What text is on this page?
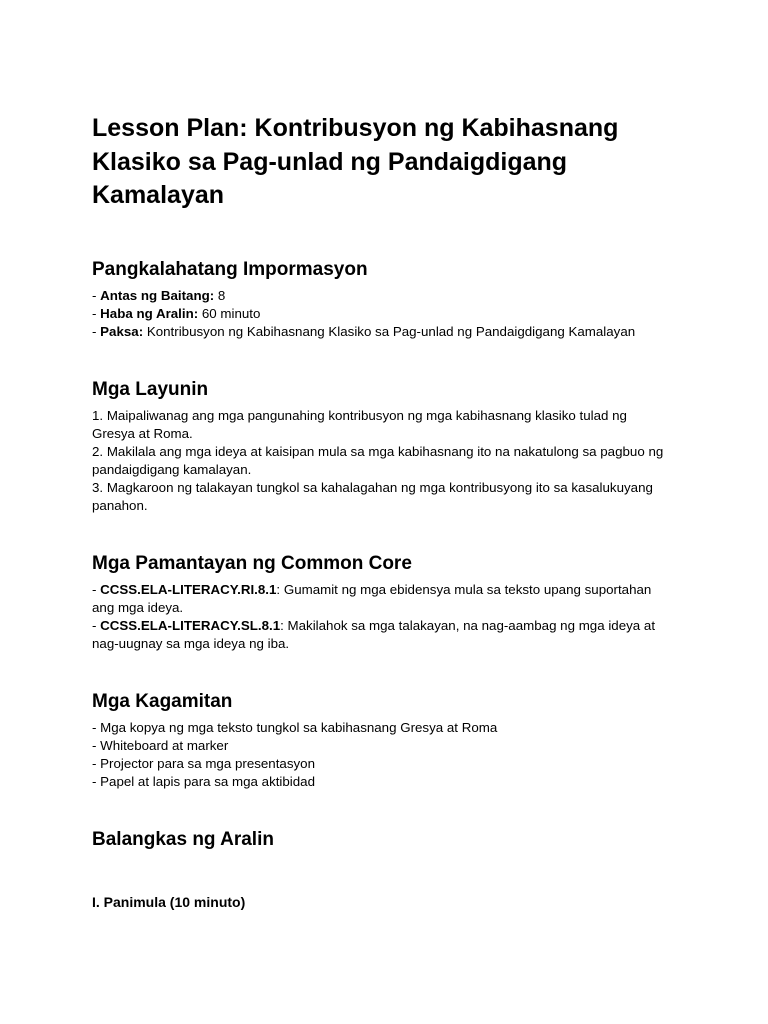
Lesson Plan: Kontribusyon ng Kabihasnang Klasiko sa Pag-unlad ng Pandaigdigang Kamalayan
Pangkalahatang Impormasyon

- Antas ng Baitang: 8

- Haba ng Aralin: 60 minuto

- Paksa: Kontribusyon ng Kabihasnang Klasiko sa Pag-unlad ng Pandaigdigang Kamalayan

Mga Layunin

1. Maipaliwanag ang mga pangunahing kontribusyon ng mga kabihasnang klasiko tulad ng Gresya at Roma.

2. Makilala ang mga ideya at kaisipan mula sa mga kabihasnang ito na nakatulong sa pagbuo ng pandaigdigang kamalayan.

3. Magkaroon ng talakayan tungkol sa kahalagahan ng mga kontribusyong ito sa kasalukuyang panahon.

Mga Pamantayan ng Common Core

- CCSS.ELA-LITERACY.RI.8.1: Gumamit ng mga ebidensya mula sa teksto upang suportahan ang mga ideya.

- CCSS.ELA-LITERACY.SL.8.1: Makilahok sa mga talakayan, na nag-aambag ng mga ideya at nag-uugnay sa mga ideya ng iba.

Mga Kagamitan

- Mga kopya ng mga teksto tungkol sa kabihasnang Gresya at Roma

- Whiteboard at marker

- Projector para sa mga presentasyon

- Papel at lapis para sa mga aktibidad

Balangkas ng Aralin

I. Panimula (10 minuto)
